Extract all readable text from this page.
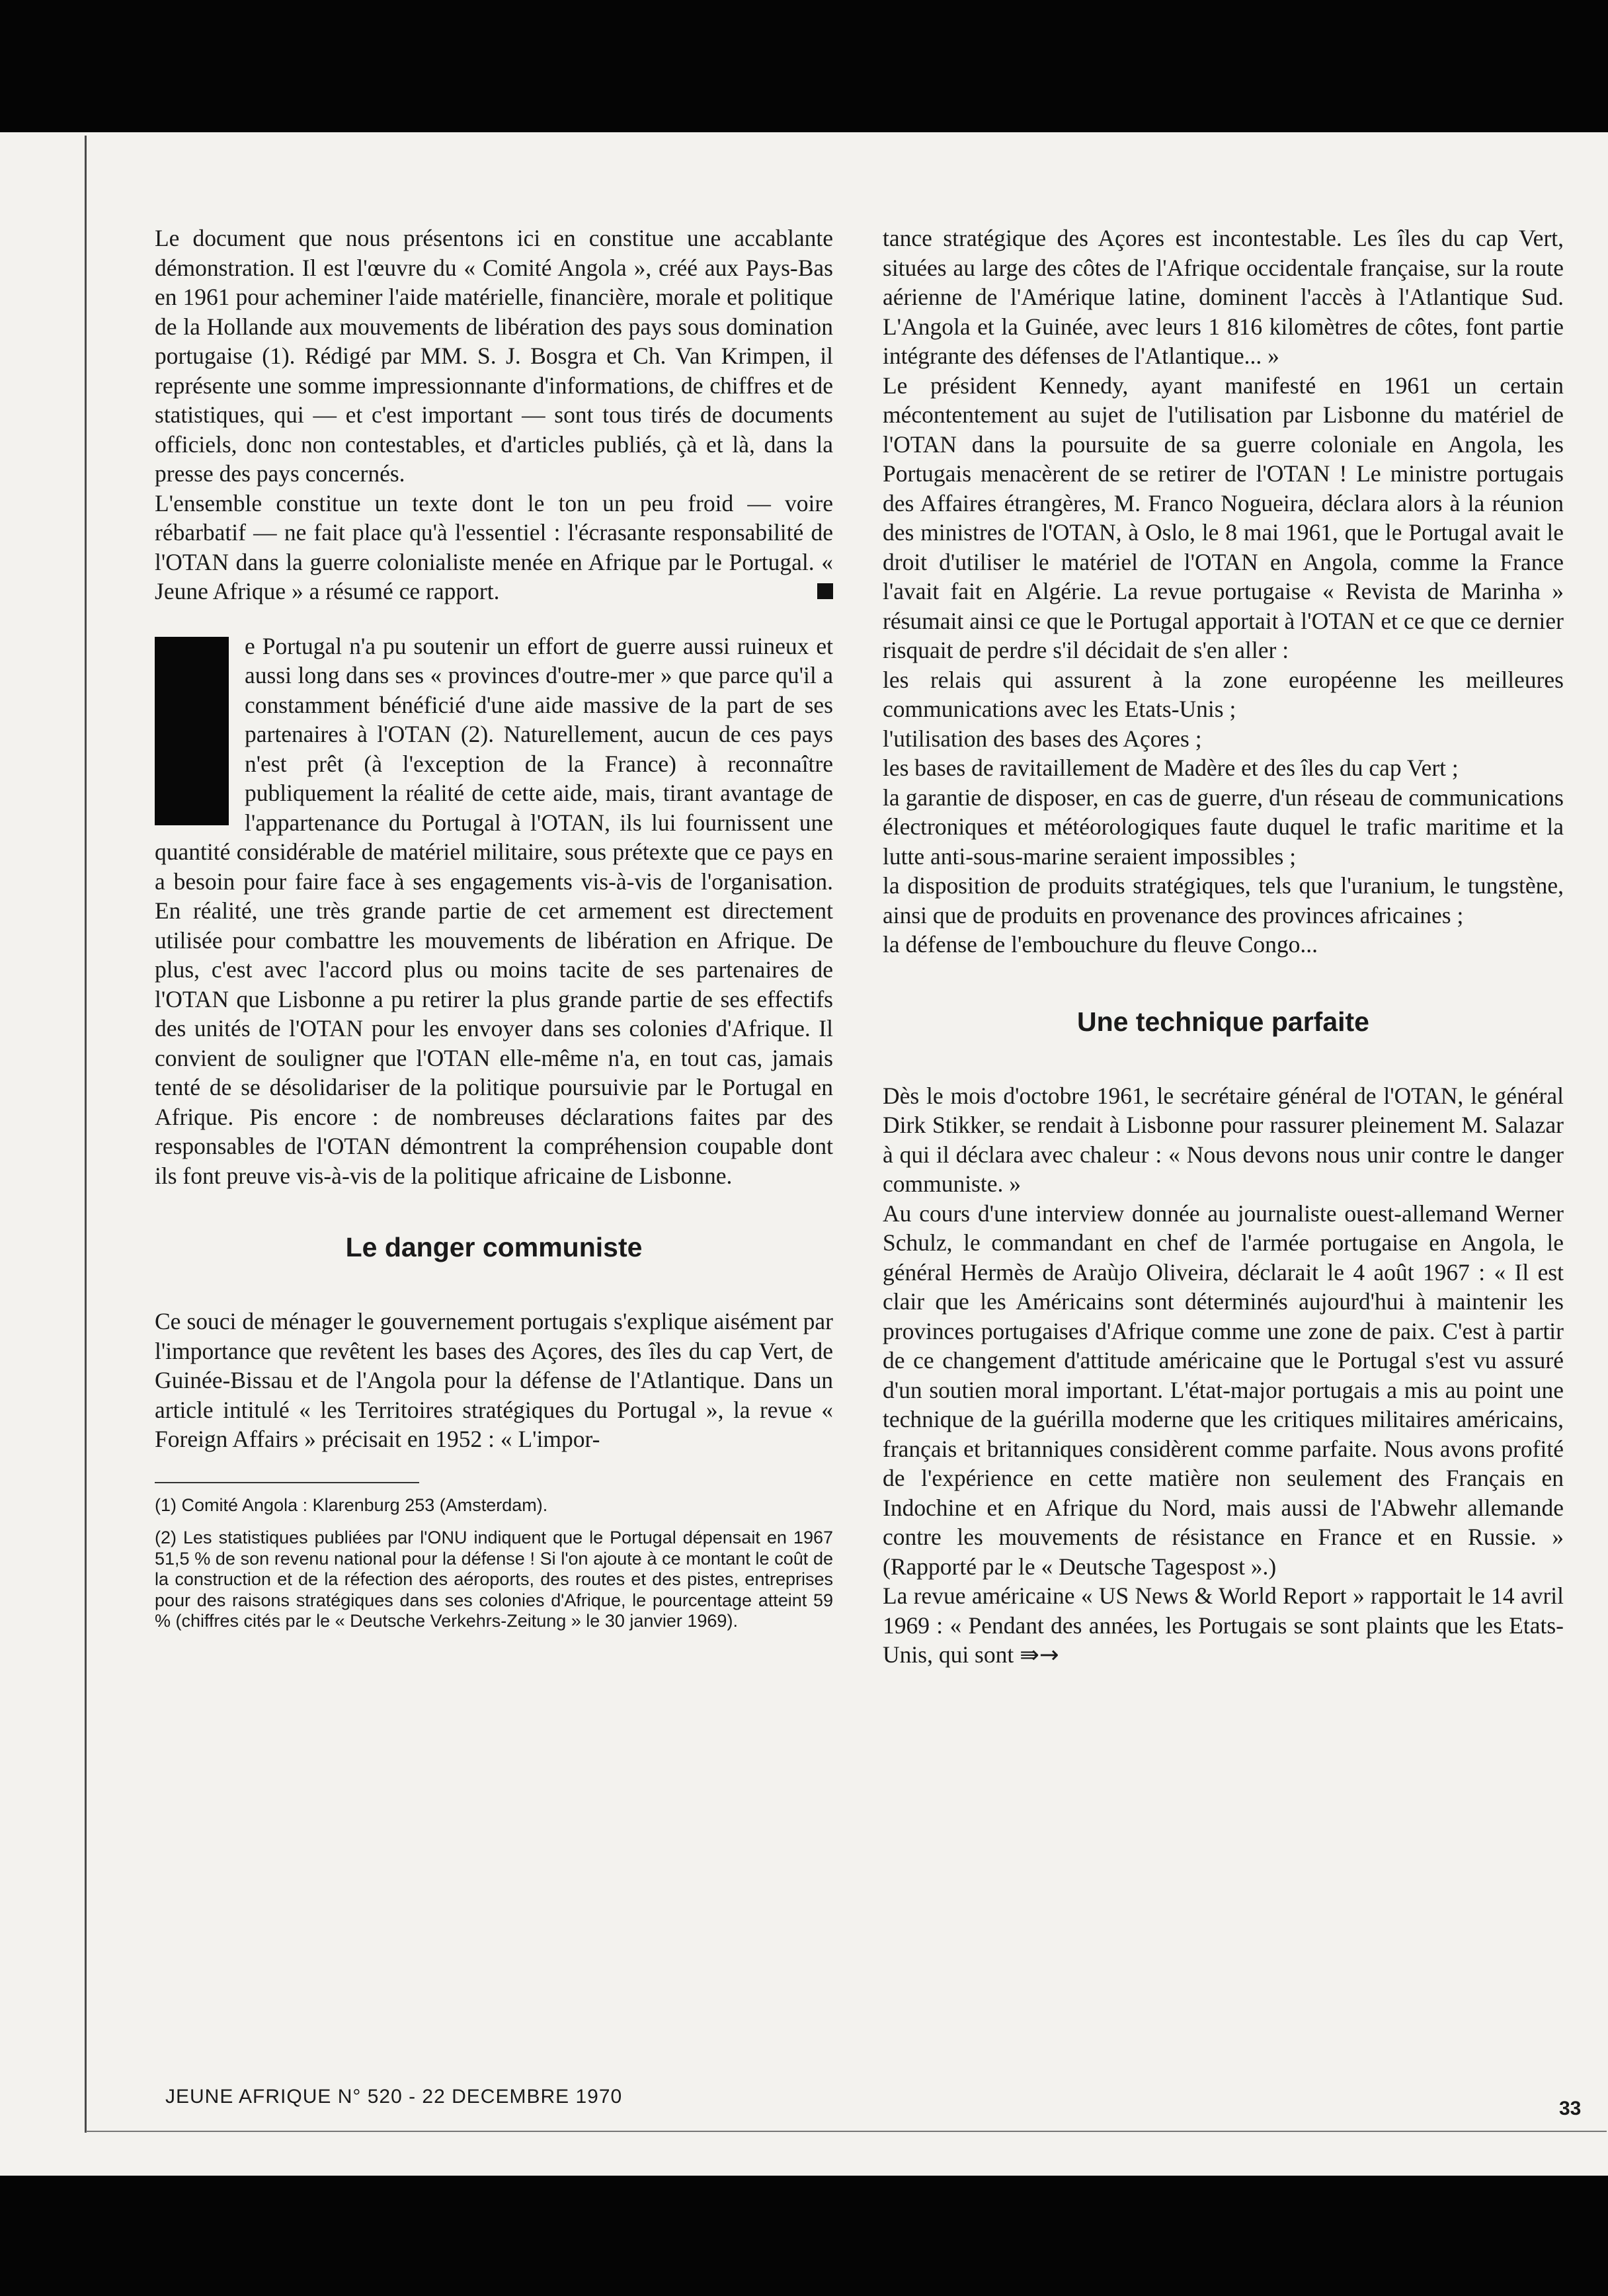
Le document que nous présentons ici en constitue une accablante démonstration. Il est l'œuvre du « Comité Angola », créé aux Pays-Bas en 1961 pour acheminer l'aide matérielle, financière, morale et politique de la Hollande aux mouvements de libération des pays sous domination portugaise (1). Rédigé par MM. S. J. Bosgra et Ch. Van Krimpen, il représente une somme impressionnante d'informations, de chiffres et de statistiques, qui — et c'est important — sont tous tirés de documents officiels, donc non contestables, et d'articles publiés, çà et là, dans la presse des pays concernés.

L'ensemble constitue un texte dont le ton un peu froid — voire rébarbatif — ne fait place qu'à l'essentiel : l'écrasante responsabilité de l'OTAN dans la guerre colonialiste menée en Afrique par le Portugal. « Jeune Afrique » a résumé ce rapport.

e Portugal n'a pu soutenir un effort de guerre aussi ruineux et aussi long dans ses « provinces d'outre-mer » que parce qu'il a constamment bénéficié d'une aide massive de la part de ses partenaires à l'OTAN (2). Naturellement, aucun de ces pays n'est prêt (à l'exception de la France) à reconnaître publiquement la réalité de cette aide, mais, tirant avantage de l'appartenance du Portugal à l'OTAN, ils lui fournissent une quantité considérable de matériel militaire, sous prétexte que ce pays en a besoin pour faire face à ses engagements vis-à-vis de l'organisation. En réalité, une très grande partie de cet armement est directement utilisée pour combattre les mouvements de libération en Afrique. De plus, c'est avec l'accord plus ou moins tacite de ses partenaires de l'OTAN que Lisbonne a pu retirer la plus grande partie de ses effectifs des unités de l'OTAN pour les envoyer dans ses colonies d'Afrique. Il convient de souligner que l'OTAN elle-même n'a, en tout cas, jamais tenté de se désolidariser de la politique poursuivie par le Portugal en Afrique. Pis encore : de nombreuses déclarations faites par des responsables de l'OTAN démontrent la compréhension coupable dont ils font preuve vis-à-vis de la politique africaine de Lisbonne.

Le danger communiste

Ce souci de ménager le gouvernement portugais s'explique aisément par l'importance que revêtent les bases des Açores, des îles du cap Vert, de Guinée-Bissau et de l'Angola pour la défense de l'Atlantique. Dans un article intitulé « les Territoires stratégiques du Portugal », la revue « Foreign Affairs » précisait en 1952 : « L'impor-

(1) Comité Angola : Klarenburg 253 (Amsterdam).
(2) Les statistiques publiées par l'ONU indiquent que le Portugal dépensait en 1967 51,5 % de son revenu national pour la défense ! Si l'on ajoute à ce montant le coût de la construction et de la réfection des aéroports, des routes et des pistes, entreprises pour des raisons stratégiques dans ses colonies d'Afrique, le pourcentage atteint 59 % (chiffres cités par le « Deutsche Verkehrs-Zeitung » le 30 janvier 1969).

tance stratégique des Açores est incontestable. Les îles du cap Vert, situées au large des côtes de l'Afrique occidentale française, sur la route aérienne de l'Amérique latine, dominent l'accès à l'Atlantique Sud. L'Angola et la Guinée, avec leurs 1 816 kilomètres de côtes, font partie intégrante des défenses de l'Atlantique... »

Le président Kennedy, ayant manifesté en 1961 un certain mécontentement au sujet de l'utilisation par Lisbonne du matériel de l'OTAN dans la poursuite de sa guerre coloniale en Angola, les Portugais menacèrent de se retirer de l'OTAN ! Le ministre portugais des Affaires étrangères, M. Franco Nogueira, déclara alors à la réunion des ministres de l'OTAN, à Oslo, le 8 mai 1961, que le Portugal avait le droit d'utiliser le matériel de l'OTAN en Angola, comme la France l'avait fait en Algérie. La revue portugaise « Revista de Marinha » résumait ainsi ce que le Portugal apportait à l'OTAN et ce que ce dernier risquait de perdre s'il décidait de s'en aller :

les relais qui assurent à la zone européenne les meilleures communications avec les Etats-Unis ;

l'utilisation des bases des Açores ;

les bases de ravitaillement de Madère et des îles du cap Vert ;

la garantie de disposer, en cas de guerre, d'un réseau de communications électroniques et météorologiques faute duquel le trafic maritime et la lutte anti-sous-marine seraient impossibles ;

la disposition de produits stratégiques, tels que l'uranium, le tungstène, ainsi que de produits en provenance des provinces africaines ;

la défense de l'embouchure du fleuve Congo...

Une technique parfaite

Dès le mois d'octobre 1961, le secrétaire général de l'OTAN, le général Dirk Stikker, se rendait à Lisbonne pour rassurer pleinement M. Salazar à qui il déclara avec chaleur : « Nous devons nous unir contre le danger communiste. »

Au cours d'une interview donnée au journaliste ouest-allemand Werner Schulz, le commandant en chef de l'armée portugaise en Angola, le général Hermès de Araùjo Oliveira, déclarait le 4 août 1967 : « Il est clair que les Américains sont déterminés aujourd'hui à maintenir les provinces portugaises d'Afrique comme une zone de paix. C'est à partir de ce changement d'attitude américaine que le Portugal s'est vu assuré d'un soutien moral important. L'état-major portugais a mis au point une technique de la guérilla moderne que les critiques militaires américains, français et britanniques considèrent comme parfaite. Nous avons profité de l'expérience en cette matière non seulement des Français en Indochine et en Afrique du Nord, mais aussi de l'Abwehr allemande contre les mouvements de résistance en France et en Russie. » (Rapporté par le « Deutsche Tagespost ».)

La revue américaine « US News & World Report » rapportait le 14 avril 1969 : « Pendant des années, les Portugais se sont plaints que les Etats-Unis, qui sont ⇛→

JEUNE AFRIQUE N° 520 - 22 DECEMBRE 1970
33
